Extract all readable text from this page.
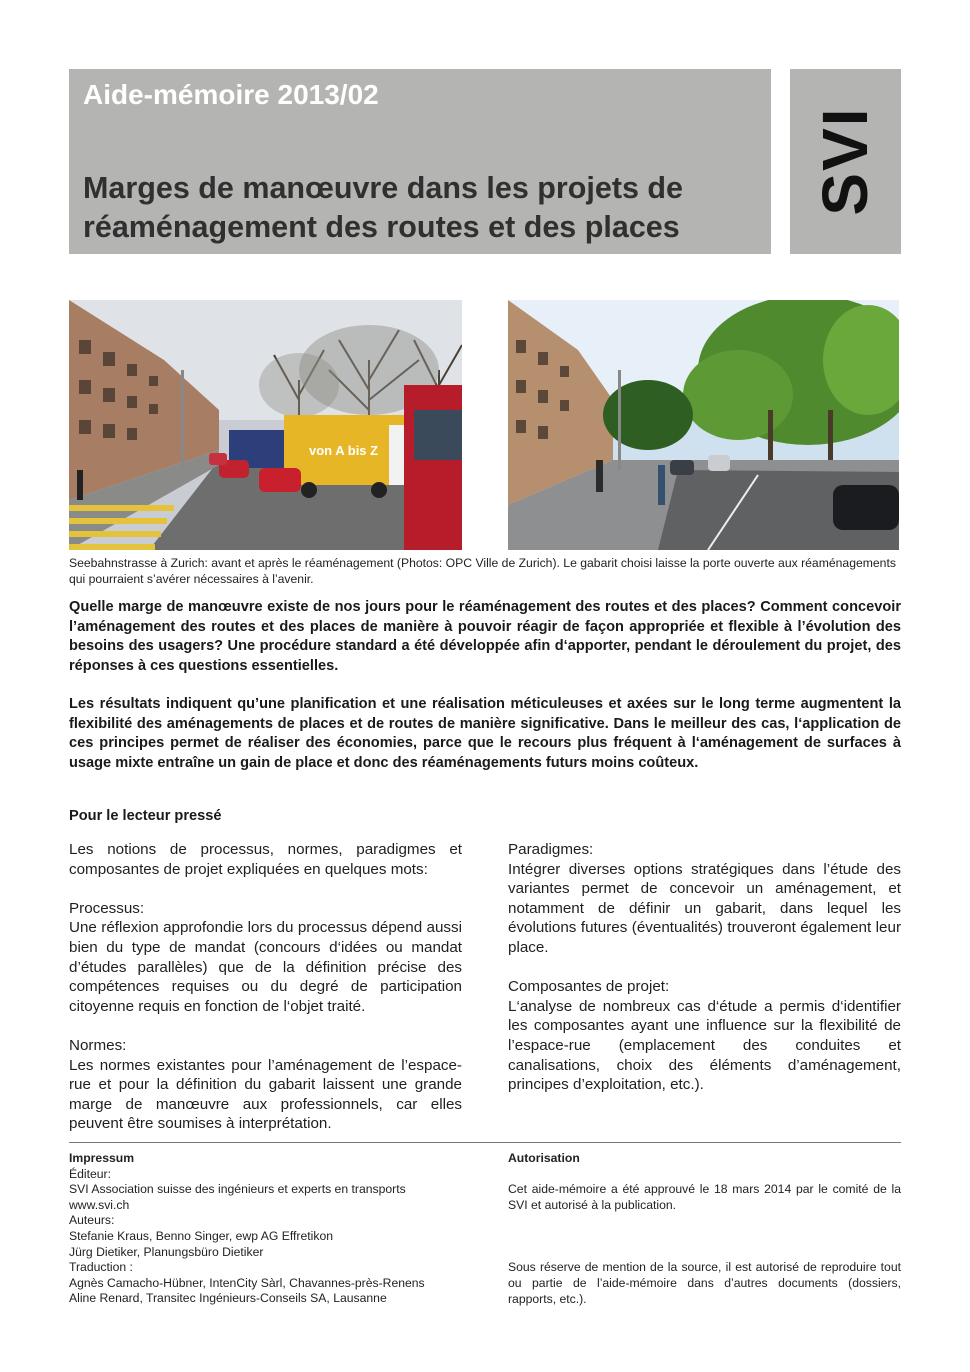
Aide-mémoire 2013/02
Marges de manœuvre dans les projets de réaménagement des routes et des places
SVI
von A bis Z
Seebahnstrasse à Zurich: avant et après le réaménagement (Photos: OPC Ville de Zurich). Le gabarit choisi laisse la porte ouverte aux réaménagements qui pourraient s’avérer nécessaires à l’avenir.
Quelle marge de manœuvre existe de nos jours pour le réaménagement des routes et des places? Comment concevoir l’aménagement des routes et des places de manière à pouvoir réagir de façon appropriée et flexible à l’évolution des besoins des usagers? Une procédure standard a été développée afin d‘apporter, pendant le déroulement du projet, des réponses à ces questions essentielles.
Les résultats indiquent qu’une planification et une réalisation méticuleuses et axées sur le long terme augmentent la flexibilité des aménagements de places et de routes de manière significative. Dans le meilleur des cas, l‘application de ces principes permet de réaliser des économies, parce que le recours plus fréquent à l‘aménagement de surfaces à usage mixte entraîne un gain de place et donc des réaménagements futurs moins coûteux.
Pour le lecteur pressé

Les notions de processus, normes, paradigmes et composantes de projet expliquées en quelques mots:

Processus:
Une réflexion approfondie lors du processus dépend aussi bien du type de mandat (concours d‘idées ou mandat d’études parallèles) que de la définition précise des compétences requises ou du degré de participation citoyenne requis en fonction de l‘objet traité.

Normes:
Les normes existantes pour l’aménagement de l’espace-rue et pour la définition du gabarit laissent une grande marge de manœuvre aux professionnels, car elles peuvent être soumises à interprétation.

Paradigmes:
Intégrer diverses options stratégiques dans l’étude des variantes permet de concevoir un aménagement, et notamment de définir un gabarit, dans lequel les évolutions futures (éventualités) trouveront également leur place.

Composantes de projet:
L‘analyse de nombreux cas d‘étude a permis d‘identifier les composantes ayant une influence sur la flexibilité de l’espace-rue (emplacement des conduites et canalisations, choix des éléments d’aménagement, principes d’exploitation, etc.).

Impressum
Éditeur:
SVI Association suisse des ingénieurs et experts en transports
www.svi.ch
Auteurs:
Stefanie Kraus, Benno Singer, ewp AG Effretikon
Jürg Dietiker, Planungsbüro Dietiker
Traduction :
Agnès Camacho-Hübner, IntenCity Sàrl, Chavannes-près-Renens
Aline Renard, Transitec Ingénieurs-Conseils SA, Lausanne
Autorisation
Cet aide-mémoire a été approuvé le 18 mars 2014 par le comité de la SVI et autorisé à la publication.
Sous réserve de mention de la source, il est autorisé de reproduire tout ou partie de l’aide-mémoire dans d’autres documents (dossiers, rapports, etc.).
